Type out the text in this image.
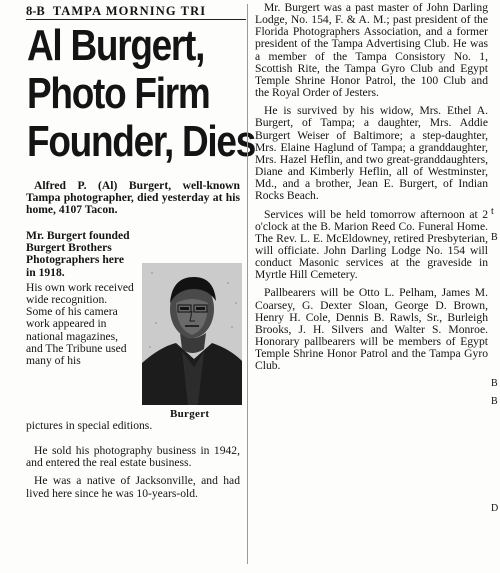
8-B TAMPA MORNING TRI
Al Burgert,
Photo Firm
Founder, Dies

Alfred P. (Al) Burgert, well-known Tampa photographer, died yesterday at his home, 4107 Tacon.

Mr. Burgert founded Burgert Brothers Photographers here in 1918.

His own work received wide recognition. Some of his camera work appeared in national magazines, and The Tribune used many of his

Burgert

pictures in special editions.

He sold his photography business in 1942, and entered the real estate business.

He was a native of Jacksonville, and had lived here since he was 10-years-old.

Mr. Burgert was a past master of John Darling Lodge, No. 154, F. & A. M.; past president of the Florida Photographers Association, and a former president of the Tampa Advertising Club. He was a member of the Tampa Consistory No. 1, Scottish Rite, the Tampa Gyro Club and Egypt Temple Shrine Honor Patrol, the 100 Club and the Royal Order of Jesters.

He is survived by his widow, Mrs. Ethel A. Burgert, of Tampa; a daughter, Mrs. Addie Burgert Weiser of Baltimore; a step-daughter, Mrs. Elaine Haglund of Tampa; a granddaughter, Mrs. Hazel Heflin, and two great-granddaughters, Diane and Kimberly Heflin, all of Westminster, Md., and a brother, Jean E. Burgert, of Indian Rocks Beach.

Services will be held tomorrow afternoon at 2 o'clock at the B. Marion Reed Co. Funeral Home. The Rev. L. E. McEldowney, retired Presbyterian, will officiate. John Darling Lodge No. 154 will conduct Masonic services at the graveside in Myrtle Hill Cemetery.

Pallbearers will be Otto L. Pelham, James M. Coarsey, G. Dexter Sloan, George D. Brown, Henry H. Cole, Dennis B. Rawls, Sr., Burleigh Brooks, J. H. Silvers and Walter S. Monroe. Honorary pallbearers will be members of Egypt Temple Shrine Honor Patrol and the Tampa Gyro Club.

t
B
B
B
D
